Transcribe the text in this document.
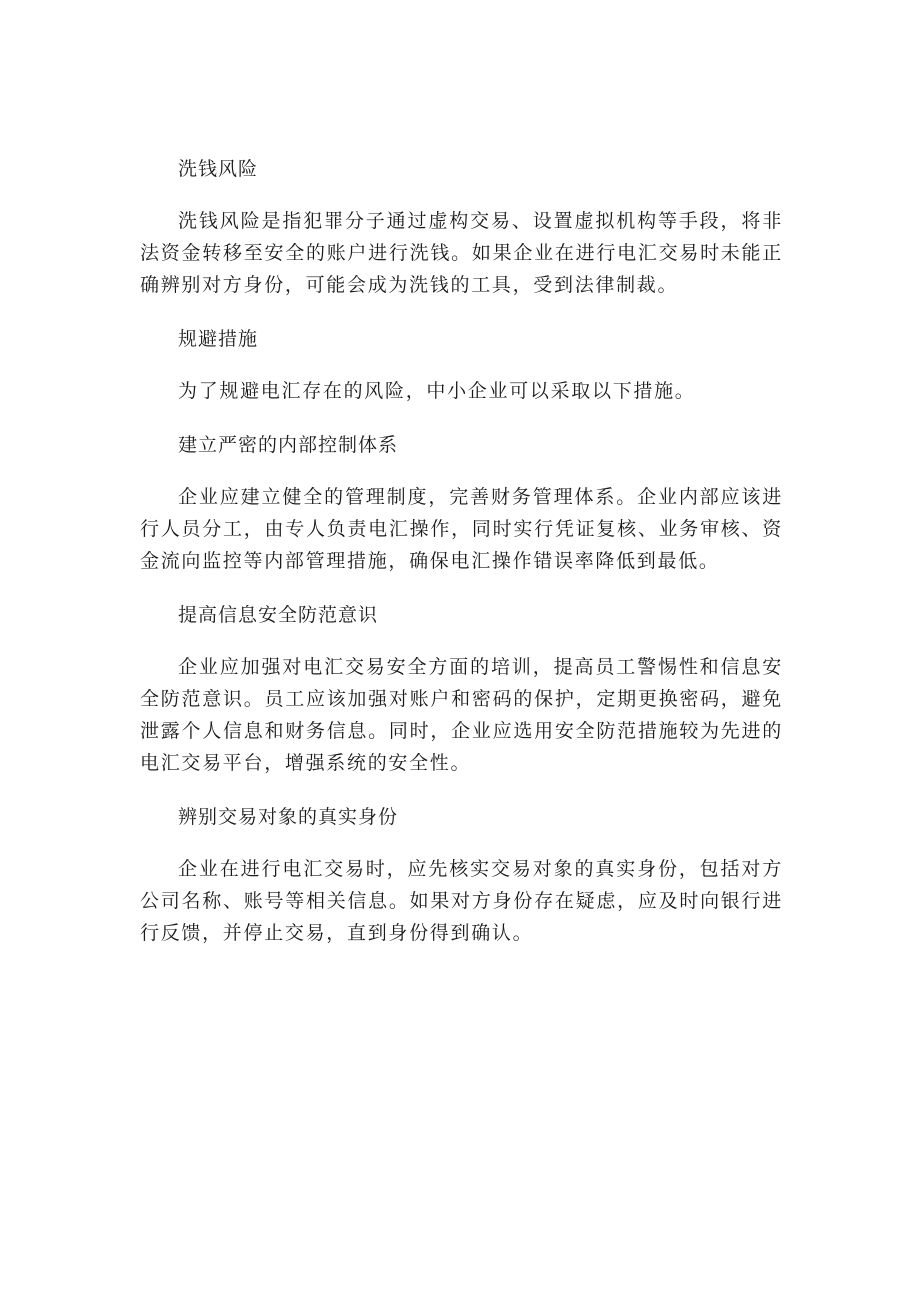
洗钱风险

洗钱风险是指犯罪分子通过虚构交易、设置虚拟机构等手段，将非法资金转移至安全的账户进行洗钱。如果企业在进行电汇交易时未能正确辨别对方身份，可能会成为洗钱的工具，受到法律制裁。

规避措施

为了规避电汇存在的风险，中小企业可以采取以下措施。

建立严密的内部控制体系

企业应建立健全的管理制度，完善财务管理体系。企业内部应该进行人员分工，由专人负责电汇操作，同时实行凭证复核、业务审核、资金流向监控等内部管理措施，确保电汇操作错误率降低到最低。

提高信息安全防范意识

企业应加强对电汇交易安全方面的培训，提高员工警惕性和信息安全防范意识。员工应该加强对账户和密码的保护，定期更换密码，避免泄露个人信息和财务信息。同时，企业应选用安全防范措施较为先进的电汇交易平台，增强系统的安全性。

辨别交易对象的真实身份

企业在进行电汇交易时，应先核实交易对象的真实身份，包括对方公司名称、账号等相关信息。如果对方身份存在疑虑，应及时向银行进行反馈，并停止交易，直到身份得到确认。
